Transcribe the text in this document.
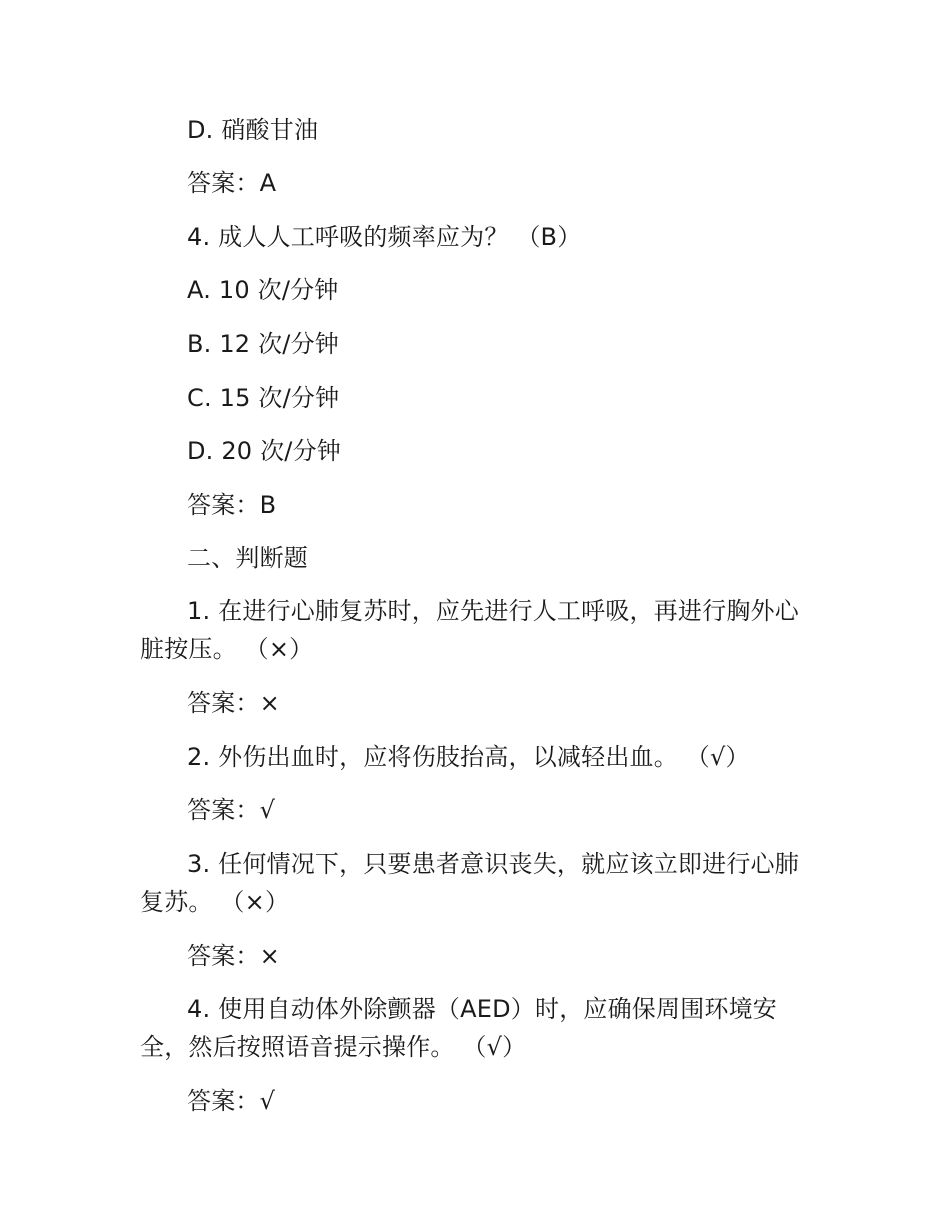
D. 硝酸甘油
答案：A
4. 成人人工呼吸的频率应为？ （B）
A. 10 次/分钟
B. 12 次/分钟
C. 15 次/分钟
D. 20 次/分钟
答案：B
二、判断题
1. 在进行心肺复苏时，应先进行人工呼吸，再进行胸外心脏按压。 （×）
答案：×
2. 外伤出血时，应将伤肢抬高，以减轻出血。 （√）
答案：√
3. 任何情况下，只要患者意识丧失，就应该立即进行心肺复苏。 （×）
答案：×
4. 使用自动体外除颤器（AED）时，应确保周围环境安全，然后按照语音提示操作。 （√）
答案：√
